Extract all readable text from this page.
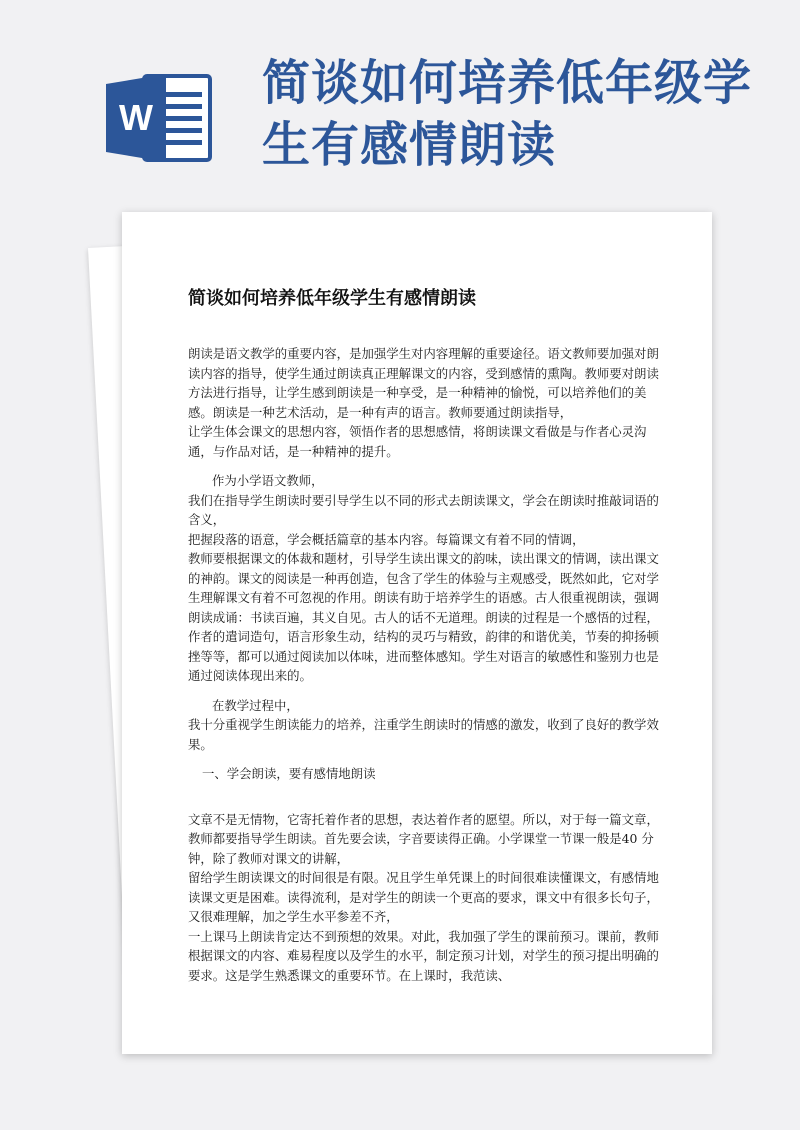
W
简谈如何培养低年级学生有感情朗读
简谈如何培养低年级学生有感情朗读

朗读是语文教学的重要内容，是加强学生对内容理解的重要途径。语文教师要加强对朗读内容的指导，使学生通过朗读真正理解课文的内容，受到感情的熏陶。教师要对朗读方法进行指导，让学生感到朗读是一种享受，是一种精神的愉悦，可以培养他们的美感。朗读是一种艺术活动，是一种有声的语言。教师要通过朗读指导，

让学生体会课文的思想内容，领悟作者的思想感情，将朗读课文看做是与作者心灵沟通，与作品对话，是一种精神的提升。

作为小学语文教师，

我们在指导学生朗读时要引导学生以不同的形式去朗读课文，学会在朗读时推敲词语的含义，

把握段落的语意，学会概括篇章的基本内容。每篇课文有着不同的情调，

教师要根据课文的体裁和题材，引导学生读出课文的韵味，读出课文的情调，读出课文的神韵。课文的阅读是一种再创造，包含了学生的体验与主观感受，既然如此，它对学生理解课文有着不可忽视的作用。朗读有助于培养学生的语感。古人很重视朗读，强调朗读成诵：书读百遍，其义自见。古人的话不无道理。朗读的过程是一个感悟的过程，作者的遣词造句，语言形象生动，结构的灵巧与精致，韵律的和谐优美，节奏的抑扬顿挫等等，都可以通过阅读加以体味，进而整体感知。学生对语言的敏感性和鉴别力也是通过阅读体现出来的。

在教学过程中，

我十分重视学生朗读能力的培养，注重学生朗读时的情感的激发，收到了良好的教学效果。

一、学会朗读，要有感情地朗读

文章不是无情物，它寄托着作者的思想，表达着作者的愿望。所以，对于每一篇文章，教师都要指导学生朗读。首先要会读，字音要读得正确。小学课堂一节课一般是40 分钟，除了教师对课文的讲解，

留给学生朗读课文的时间很是有限。况且学生单凭课上的时间很难读懂课文，有感情地读课文更是困难。读得流利，是对学生的朗读一个更高的要求，课文中有很多长句子，又很难理解，加之学生水平参差不齐，

一上课马上朗读肯定达不到预想的效果。对此，我加强了学生的课前预习。课前，教师根据课文的内容、难易程度以及学生的水平，制定预习计划，对学生的预习提出明确的要求。这是学生熟悉课文的重要环节。在上课时，我范读、
